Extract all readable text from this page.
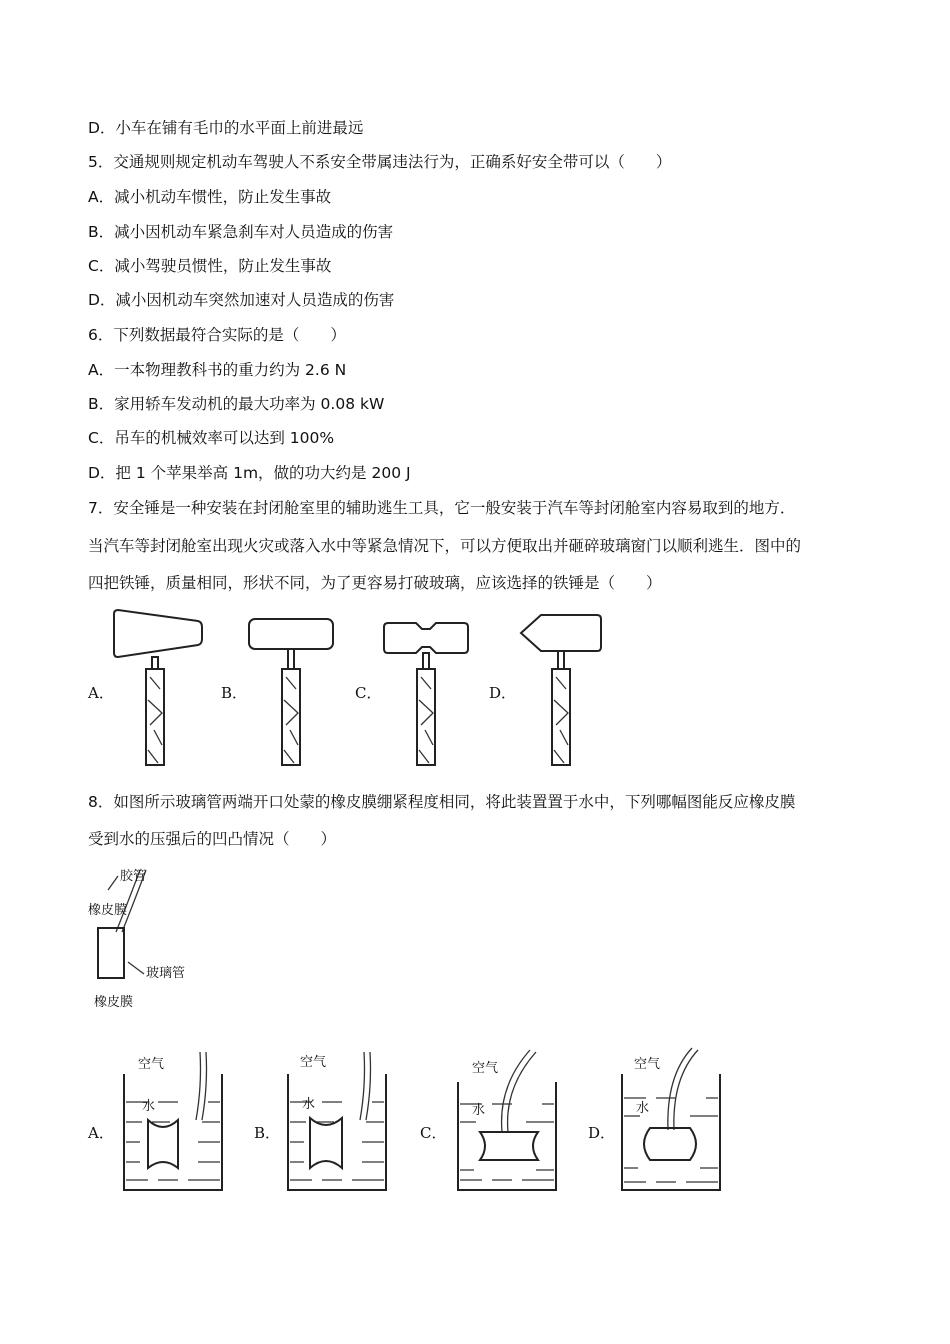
D．小车在铺有毛巾的水平面上前进最远
5．交通规则规定机动车驾驶人不系安全带属违法行为，正确系好安全带可以（　　）
A．减小机动车惯性，防止发生事故
B．减小因机动车紧急刹车对人员造成的伤害
C．减小驾驶员惯性，防止发生事故
D．减小因机动车突然加速对人员造成的伤害
6．下列数据最符合实际的是（　　）
A．一本物理教科书的重力约为 2.6 N
B．家用轿车发动机的最大功率为 0.08 kW
C．吊车的机械效率可以达到 100%
D．把 1 个苹果举高 1m，做的功大约是 200 J
7．安全锤是一种安装在封闭舱室里的辅助逃生工具，它一般安装于汽车等封闭舱室内容易取到的地方．
当汽车等封闭舱室出现火灾或落入水中等紧急情况下，可以方便取出并砸碎玻璃窗门以顺利逃生．图中的
四把铁锤，质量相同，形状不同，为了更容易打破玻璃，应该选择的铁锤是（　　）
8．如图所示玻璃管两端开口处蒙的橡皮膜绷紧程度相同，将此装置置于水中，下列哪幅图能反应橡皮膜
受到水的压强后的凹凸情况（　　）
A．	B．	C．	D．
胶管
橡皮膜
玻璃管
橡皮膜
A．	B．	C．	D．
空气
水
空气
水
空气
水
空气
水
